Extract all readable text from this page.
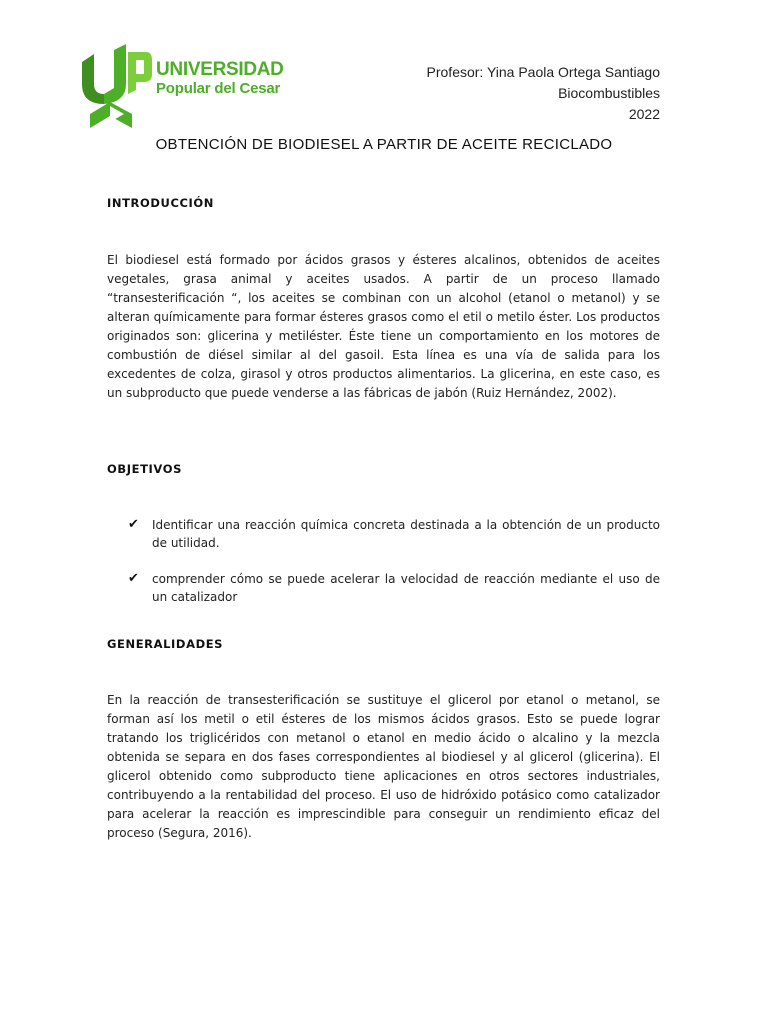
UNIVERSIDAD
Popular del Cesar
Profesor: Yina Paola Ortega Santiago
Biocombustibles
2022
OBTENCIÓN DE BIODIESEL A PARTIR DE ACEITE RECICLADO
INTRODUCCIÓN
El biodiesel está formado por ácidos grasos y ésteres alcalinos, obtenidos de aceites vegetales, grasa animal y aceites usados. A partir de un proceso llamado “transesterificación “, los aceites se combinan con un alcohol (etanol o metanol) y se alteran químicamente para formar ésteres grasos como el etil o metilo éster. Los productos originados son: glicerina y metiléster. Éste tiene un comportamiento en los motores de combustión de diésel similar al del gasoil. Esta línea es una vía de salida para los excedentes de colza, girasol y otros productos alimentarios. La glicerina, en este caso, es un subproducto que puede venderse a las fábricas de jabón (Ruiz Hernández, 2002).
OBJETIVOS
✔ Identificar una reacción química concreta destinada a la obtención de un producto de utilidad.
✔ comprender cómo se puede acelerar la velocidad de reacción mediante el uso de un catalizador
GENERALIDADES
En la reacción de transesterificación se sustituye el glicerol por etanol o metanol, se forman así los metil o etil ésteres de los mismos ácidos grasos. Esto se puede lograr tratando los triglicéridos con metanol o etanol en medio ácido o alcalino y la mezcla obtenida se separa en dos fases correspondientes al biodiesel y al glicerol (glicerina). El glicerol obtenido como subproducto tiene aplicaciones en otros sectores industriales, contribuyendo a la rentabilidad del proceso. El uso de hidróxido potásico como catalizador para acelerar la reacción es imprescindible para conseguir un rendimiento eficaz del proceso (Segura, 2016).
